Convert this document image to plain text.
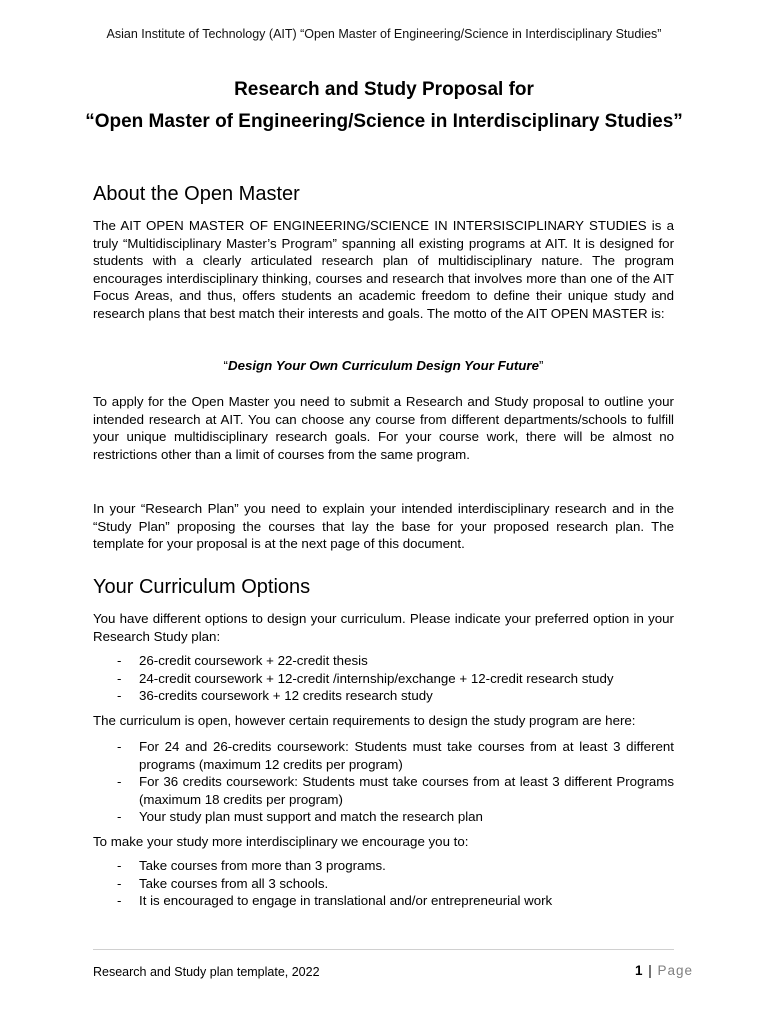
Asian Institute of Technology (AIT) “Open Master of Engineering/Science in Interdisciplinary Studies”
Research and Study Proposal for
“Open Master of Engineering/Science in Interdisciplinary Studies”
About the Open Master

The AIT OPEN MASTER OF ENGINEERING/SCIENCE IN INTERSISCIPLINARY STUDIES is a truly “Multidisciplinary Master’s Program” spanning all existing programs at AIT. It is designed for students with a clearly articulated research plan of multidisciplinary nature. The program encourages interdisciplinary thinking, courses and research that involves more than one of the AIT Focus Areas, and thus, offers students an academic freedom to define their unique study and research plans that best match their interests and goals. The motto of the AIT OPEN MASTER is:

“Design Your Own Curriculum Design Your Future”

To apply for the Open Master you need to submit a Research and Study proposal to outline your intended research at AIT. You can choose any course from different departments/schools to fulfill your unique multidisciplinary research goals. For your course work, there will be almost no restrictions other than a limit of courses from the same program.

In your “Research Plan” you need to explain your intended interdisciplinary research and in the “Study Plan” proposing the courses that lay the base for your proposed research plan. The template for your proposal is at the next page of this document.

Your Curriculum Options

You have different options to design your curriculum. Please indicate your preferred option in your Research Study plan:

- 26-credit coursework + 22-credit thesis
- 24-credit coursework + 12-credit /internship/exchange + 12-credit research study
- 36-credits coursework + 12 credits research study

The curriculum is open, however certain requirements to design the study program are here:

- For 24 and 26-credits coursework: Students must take courses from at least 3 different programs (maximum 12 credits per program)
- For 36 credits coursework: Students must take courses from at least 3 different Programs (maximum 18 credits per program)
- Your study plan must support and match the research plan

To make your study more interdisciplinary we encourage you to:

- Take courses from more than 3 programs.
- Take courses from all 3 schools.
- It is encouraged to engage in translational and/or entrepreneurial work
Research and Study plan template, 2022	1 | Page
